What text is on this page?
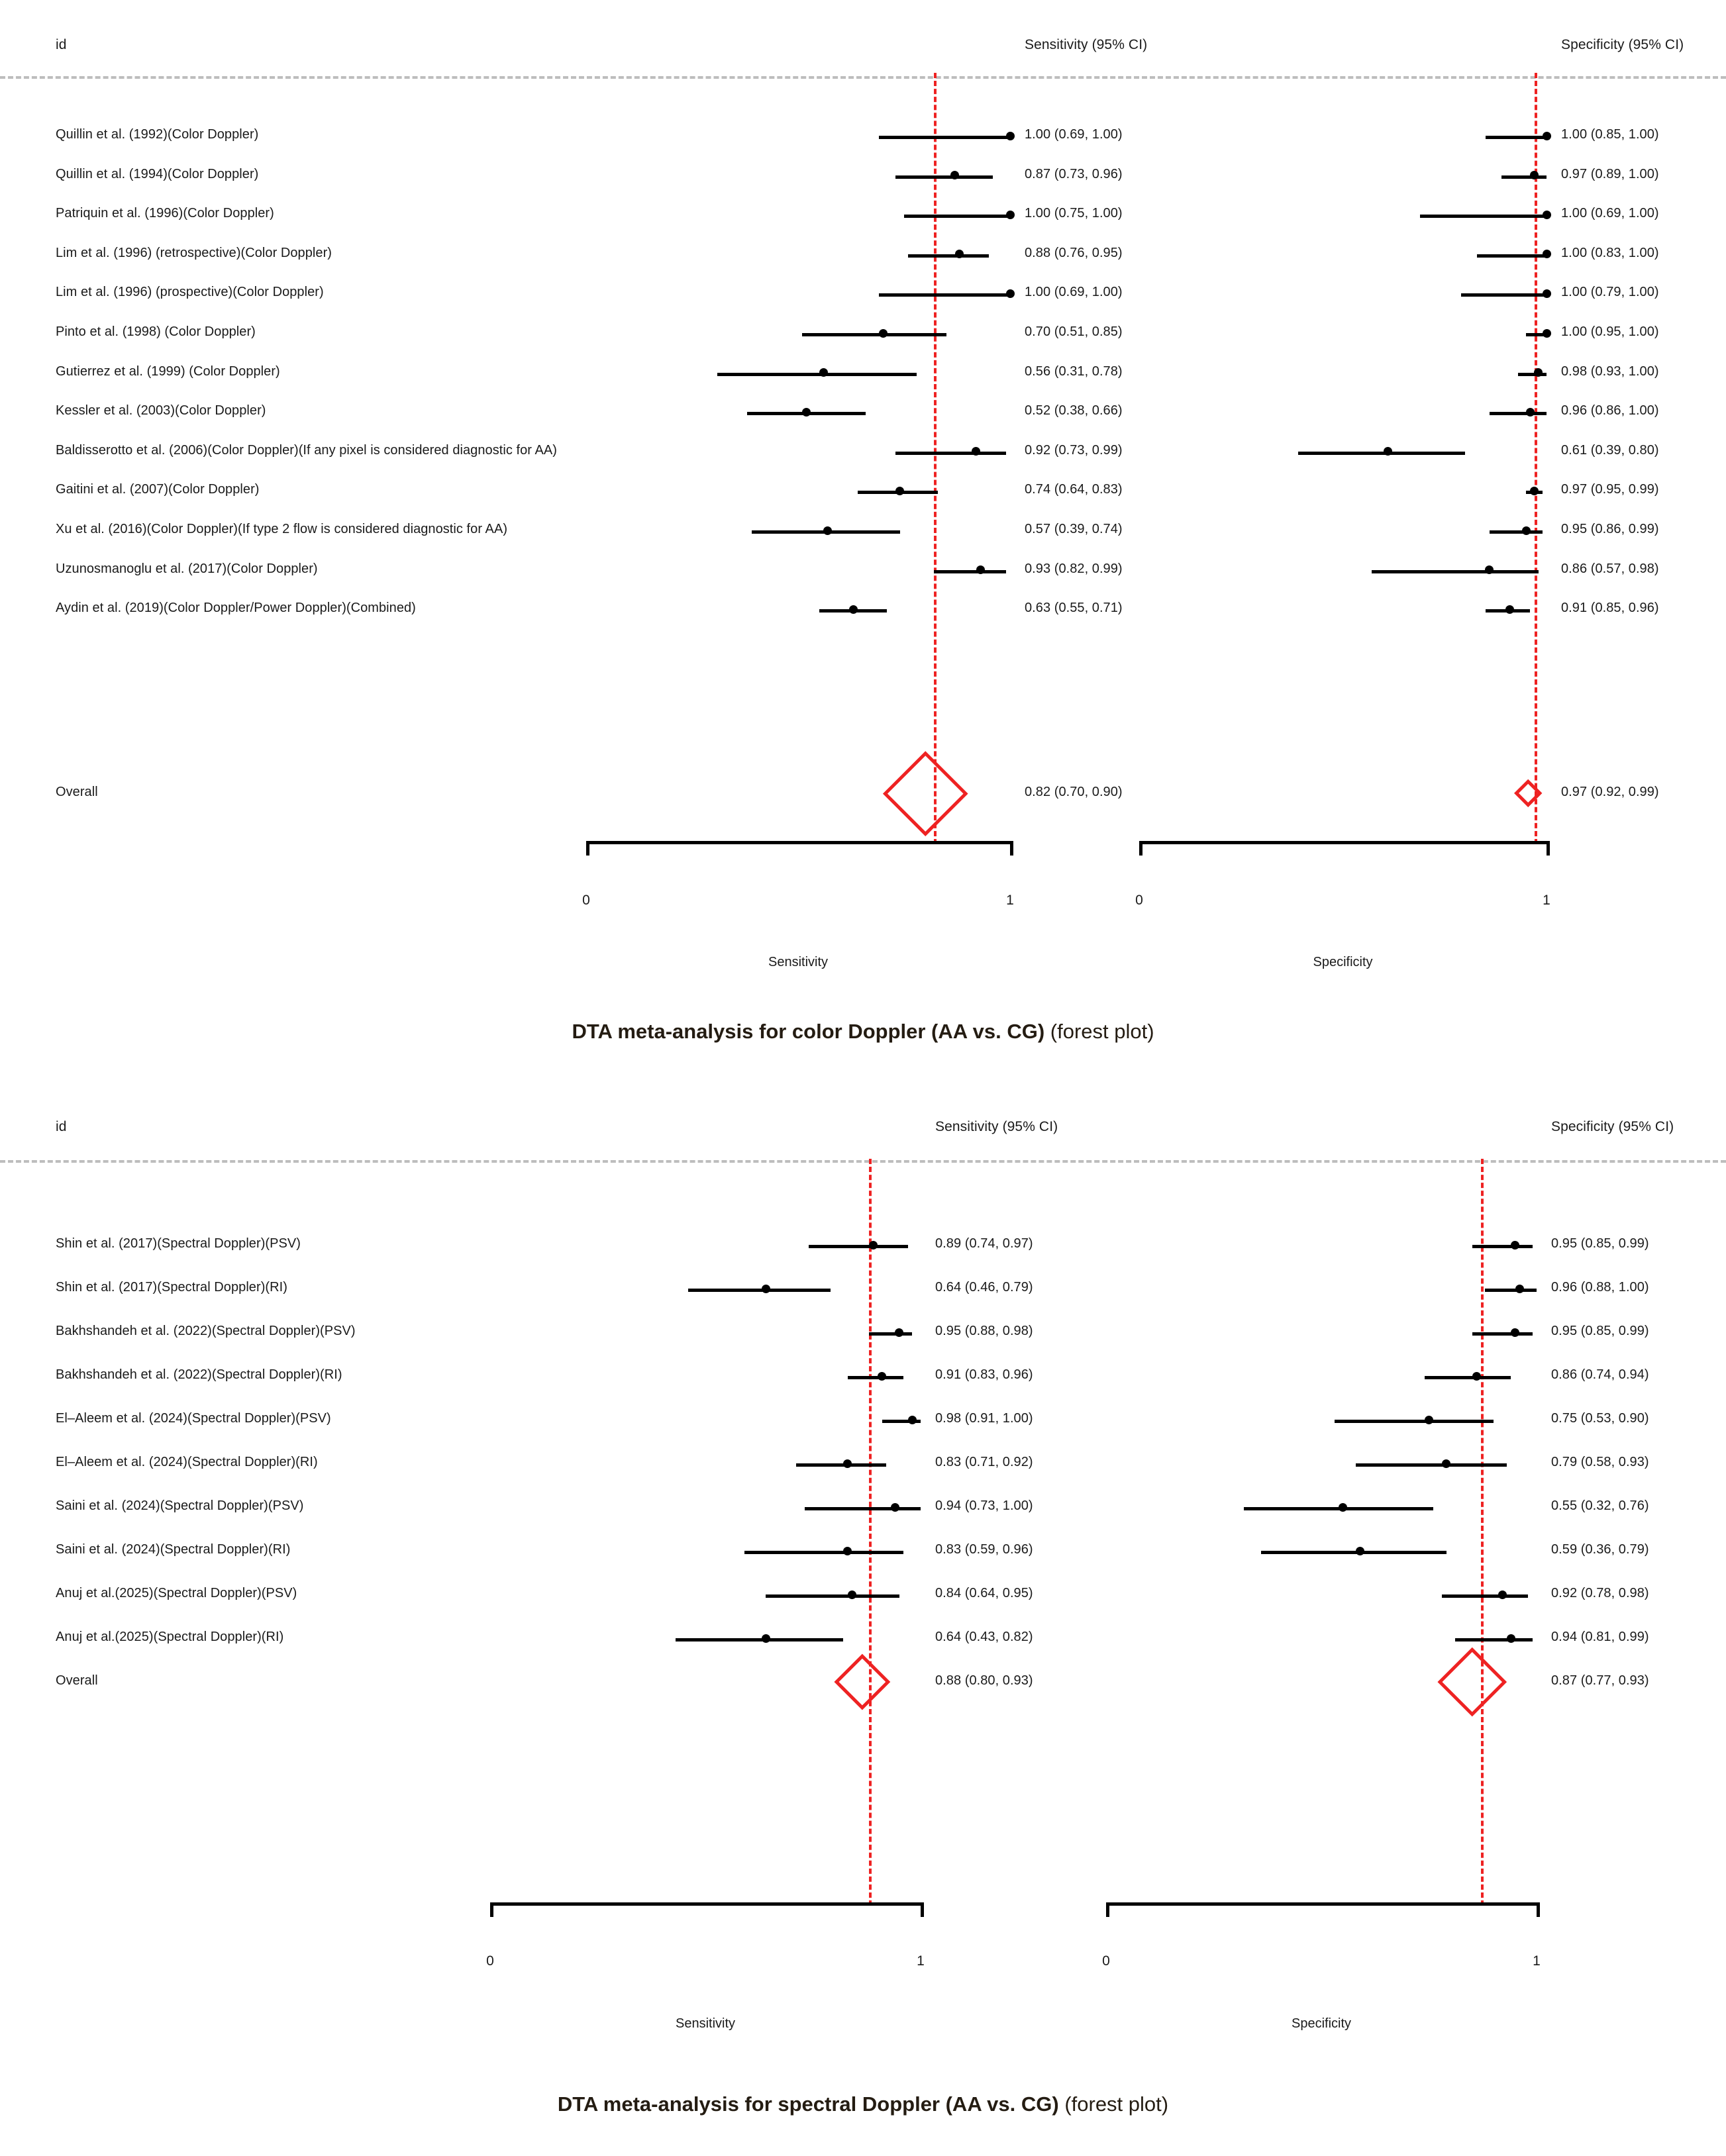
id	Sensitivity (95% CI)	Specificity (95% CI)
Quillin et al. (1992)(Color Doppler)	1.00 (0.69, 1.00)	1.00 (0.85, 1.00)
Quillin et al. (1994)(Color Doppler)	0.87 (0.73, 0.96)	0.97 (0.89, 1.00)
Patriquin et al. (1996)(Color Doppler)	1.00 (0.75, 1.00)	1.00 (0.69, 1.00)
Lim et al. (1996) (retrospective)(Color Doppler)	0.88 (0.76, 0.95)	1.00 (0.83, 1.00)
Lim et al. (1996) (prospective)(Color Doppler)	1.00 (0.69, 1.00)	1.00 (0.79, 1.00)
Pinto et al. (1998) (Color Doppler)	0.70 (0.51, 0.85)	1.00 (0.95, 1.00)
Gutierrez et al. (1999) (Color Doppler)	0.56 (0.31, 0.78)	0.98 (0.93, 1.00)
Kessler et al. (2003)(Color Doppler)	0.52 (0.38, 0.66)	0.96 (0.86, 1.00)
Baldisserotto et al. (2006)(Color Doppler)(If any pixel is considered diagnostic for AA)	0.92 (0.73, 0.99)	0.61 (0.39, 0.80)
Gaitini et al. (2007)(Color Doppler)	0.74 (0.64, 0.83)	0.97 (0.95, 0.99)
Xu et al. (2016)(Color Doppler)(If type 2 flow is considered diagnostic for AA)	0.57 (0.39, 0.74)	0.95 (0.86, 0.99)
Uzunosmanoglu et al. (2017)(Color Doppler)	0.93 (0.82, 0.99)	0.86 (0.57, 0.98)
Aydin et al. (2019)(Color Doppler/Power Doppler)(Combined)	0.63 (0.55, 0.71)	0.91 (0.85, 0.96)
Overall	0.82 (0.70, 0.90)	0.97 (0.92, 0.99)
0	1
Sensitivity
0	1
Specificity
DTA meta-analysis for color Doppler (AA vs. CG) (forest plot)
id	Sensitivity (95% CI)	Specificity (95% CI)
Shin et al. (2017)(Spectral Doppler)(PSV)	0.89 (0.74, 0.97)	0.95 (0.85, 0.99)
Shin et al. (2017)(Spectral Doppler)(RI)	0.64 (0.46, 0.79)	0.96 (0.88, 1.00)
Bakhshandeh et al. (2022)(Spectral Doppler)(PSV)	0.95 (0.88, 0.98)	0.95 (0.85, 0.99)
Bakhshandeh et al. (2022)(Spectral Doppler)(RI)	0.91 (0.83, 0.96)	0.86 (0.74, 0.94)
El–Aleem et al. (2024)(Spectral Doppler)(PSV)	0.98 (0.91, 1.00)	0.75 (0.53, 0.90)
El–Aleem et al. (2024)(Spectral Doppler)(RI)	0.83 (0.71, 0.92)	0.79 (0.58, 0.93)
Saini et al. (2024)(Spectral Doppler)(PSV)	0.94 (0.73, 1.00)	0.55 (0.32, 0.76)
Saini et al. (2024)(Spectral Doppler)(RI)	0.83 (0.59, 0.96)	0.59 (0.36, 0.79)
Anuj et al.(2025)(Spectral Doppler)(PSV)	0.84 (0.64, 0.95)	0.92 (0.78, 0.98)
Anuj et al.(2025)(Spectral Doppler)(RI)	0.64 (0.43, 0.82)	0.94 (0.81, 0.99)
Overall	0.88 (0.80, 0.93)	0.87 (0.77, 0.93)
0	1
Sensitivity
0	1
Specificity
DTA meta-analysis for spectral Doppler (AA vs. CG) (forest plot)
